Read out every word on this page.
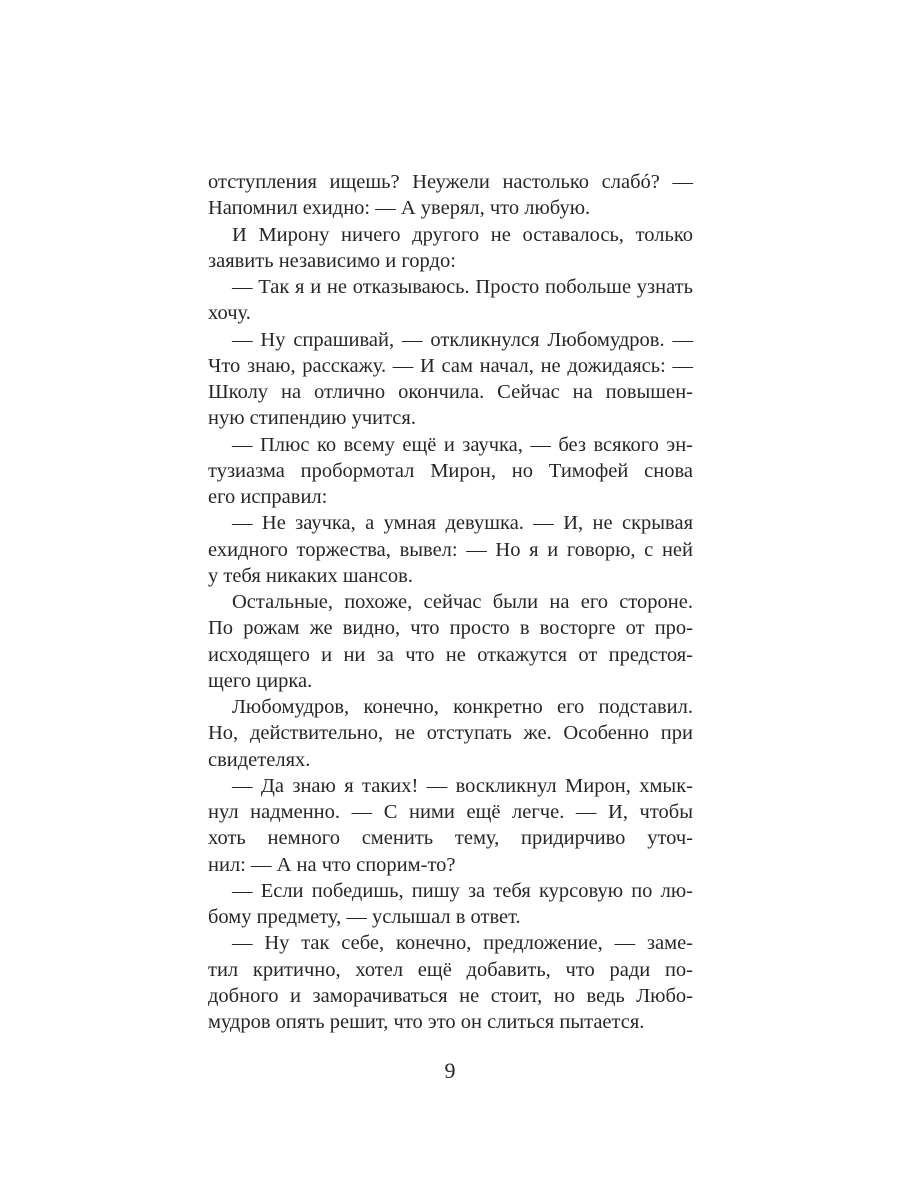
отступления ищешь? Неужели настолько слабó? —
Напомнил ехидно: — А уверял, что любую.
И Мирону ничего другого не оставалось, только
заявить независимо и гордо:
— Так я и не отказываюсь. Просто побольше узнать
хочу.
— Ну спрашивай, — откликнулся Любомудров. —
Что знаю, расскажу. — И сам начал, не дожидаясь: —
Школу на отлично окончила. Сейчас на повышен-
ную стипендию учится.
— Плюс ко всему ещё и заучка, — без всякого эн-
тузиазма пробормотал Мирон, но Тимофей снова
его исправил:
— Не заучка, а умная девушка. — И, не скрывая
ехидного торжества, вывел: — Но я и говорю, с ней
у тебя никаких шансов.
Остальные, похоже, сейчас были на его стороне.
По рожам же видно, что просто в восторге от про-
исходящего и ни за что не откажутся от предстоя-
щего цирка.
Любомудров, конечно, конкретно его подставил.
Но, действительно, не отступать же. Особенно при
свидетелях.
— Да знаю я таких! — воскликнул Мирон, хмык-
нул надменно. — С ними ещё легче. — И, чтобы
хоть немного сменить тему, придирчиво уточ-
нил: — А на что спорим-то?
— Если победишь, пишу за тебя курсовую по лю-
бому предмету, — услышал в ответ.
— Ну так себе, конечно, предложение, — заме-
тил критично, хотел ещё добавить, что ради по-
добного и заморачиваться не стоит, но ведь Любо-
мудров опять решит, что это он слиться пытается.
9
